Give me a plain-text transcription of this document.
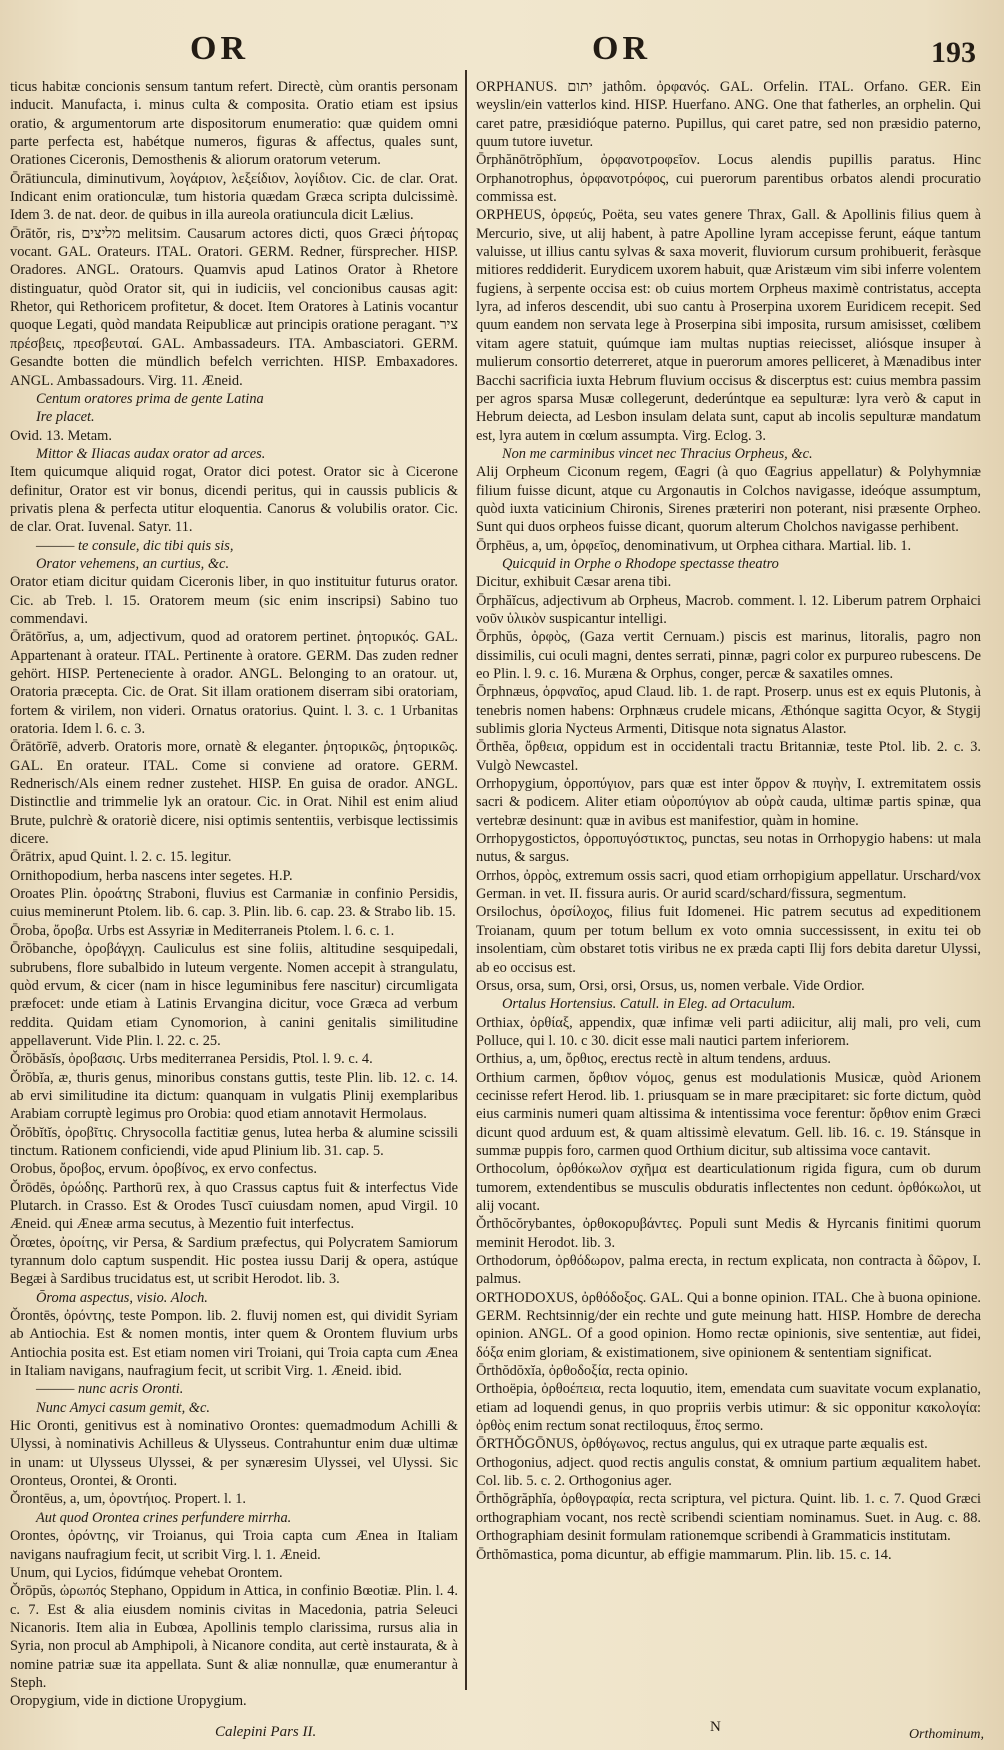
OR	OR	193

ticus habitæ concionis sensum tantum refert. Directè, cùm orantis personam inducit. Manufacta, i. minus culta & composita. Oratio etiam est ipsius oratio, & argumentorum arte dispositorum enumeratio: quæ quidem omni parte perfecta est, habétque numeros, figuras & affectus, quales sunt, Orationes Ciceronis, Demosthenis & aliorum oratorum veterum.

Ōrātiuncula, diminutivum, λογάριον, λεξείδιον, λογίδιον. Cic. de clar. Orat. Indicant enim orationculæ, tum historia quædam Græca scripta dulcissimè. Idem 3. de nat. deor. de quibus in illa aureola oratiuncula dicit Lælius.

Ōrātŏr, ris, מליצים melitsim. Causarum actores dicti, quos Græci ῥήτορας vocant. GAL. Orateurs. ITAL. Oratori. GERM. Redner, fürsprecher. HISP. Oradores. ANGL. Oratours. Quamvis apud Latinos Orator à Rhetore distinguatur, quòd Orator sit, qui in iudiciis, vel concionibus causas agit: Rhetor, qui Rethoricem profitetur, & docet. Item Oratores à Latinis vocantur quoque Legati, quòd mandata Reipublicæ aut principis oratione peragant. ציר πρέσβεις, πρεσβευταί. GAL. Ambassadeurs. ITA. Ambasciatori. GERM. Gesandte botten die mündlich befelch verrichten. HISP. Embaxadores. ANGL. Ambassadours. Virg. 11. Æneid.

Centum oratores prima de gente Latina

Ire placet.

Ovid. 13. Metam.

Mittor & Iliacas audax orator ad arces.

Item quicumque aliquid rogat, Orator dici potest. Orator sic à Cicerone definitur, Orator est vir bonus, dicendi peritus, qui in caussis publicis & privatis plena & perfecta utitur eloquentia. Canorus & volubilis orator. Cic. de clar. Orat. Iuvenal. Satyr. 11.

——— te consule, dic tibi quis sis,

Orator vehemens, an curtius, &c.

Orator etiam dicitur quidam Ciceronis liber, in quo instituitur futurus orator. Cic. ab Treb. l. 15. Oratorem meum (sic enim inscripsi) Sabino tuo commendavi.

Ōrātōrĭus, a, um, adjectivum, quod ad oratorem pertinet. ῥητορικός. GAL. Appartenant à orateur. ITAL. Pertinente à oratore. GERM. Das zuden redner gehört. HISP. Perteneciente à orador. ANGL. Belonging to an oratour. ut, Oratoria præcepta. Cic. de Orat. Sit illam orationem diserram sibi oratoriam, fortem & virilem, non videri. Ornatus oratorius. Quint. l. 3. c. 1 Urbanitas oratoria. Idem l. 6. c. 3.

Ōrātōrĭē, adverb. Oratoris more, ornatè & eleganter. ῥητορικῶς, ῥητορικῶς. GAL. En orateur. ITAL. Come si conviene ad oratore. GERM. Rednerisch/Als einem redner zustehet. HISP. En guisa de orador. ANGL. Distinctlie and trimmelie lyk an oratour. Cic. in Orat. Nihil est enim aliud Brute, pulchrè & oratoriè dicere, nisi optimis sententiis, verbisque lectissimis dicere.

Ōrātrix, apud Quint. l. 2. c. 15. legitur.

Ornithopodium, herba nascens inter segetes. H.P.

Oroates Plin. ὀροάτης Straboni, fluvius est Carmaniæ in confinio Persidis, cuius meminerunt Ptolem. lib. 6. cap. 3. Plin. lib. 6. cap. 23. & Strabo lib. 15.

Ōroba, ὄροβα. Urbs est Assyriæ in Mediterraneis Ptolem. l. 6. c. 1.

Ōrŏbanche, ὀροβάγχη. Cauliculus est sine foliis, altitudine sesquipedali, subrubens, flore subalbido in luteum vergente. Nomen accepit à strangulatu, quòd ervum, & cicer (nam in hisce leguminibus fere nascitur) circumligata præfocet: unde etiam à Latinis Ervangina dicitur, voce Græca ad verbum reddita. Quidam etiam Cynomorion, à canini genitalis similitudine appellaverunt. Vide Plin. l. 22. c. 25.

Ŏrŏbăsĭs, ὀροβασις. Urbs mediterranea Persidis, Ptol. l. 9. c. 4.

Ŏrŏbĭa, æ, thuris genus, minoribus constans guttis, teste Plin. lib. 12. c. 14. ab ervi similitudine ita dictum: quanquam in vulgatis Plinij exemplaribus Arabiam corruptè legimus pro Orobia: quod etiam annotavit Hermolaus.

Ŏrŏbĭtĭs, ὀροβῖτις. Chrysocolla factitiæ genus, lutea herba & alumine scissili tinctum. Rationem conficiendi, vide apud Plinium lib. 31. cap. 5.

Orobus, ὄροβος, ervum. ὀροβίνος, ex ervo confectus.

Ŏrōdēs, ὀρώδης. Parthorū rex, à quo Crassus captus fuit & interfectus Vide Plutarch. in Crasso. Est & Orodes Tuscī cuiusdam nomen, apud Virgil. 10 Æneid. qui Æneæ arma secutus, à Mezentio fuit interfectus.

Ŏrœtes, ὀροίτης, vir Persa, & Sardium præfectus, qui Polycratem Samiorum tyrannum dolo captum suspendit. Hic postea iussu Darij & opera, astúque Begæi à Sardibus trucidatus est, ut scribit Herodot. lib. 3.

Ōroma aspectus, visio. Aloch.

Ŏrontēs, ὀρόντης, teste Pompon. lib. 2. fluvij nomen est, qui dividit Syriam ab Antiochia. Est & nomen montis, inter quem & Orontem fluvium urbs Antiochia posita est. Est etiam nomen viri Troiani, qui Troia capta cum Ænea in Italiam navigans, naufragium fecit, ut scribit Virg. 1. Æneid. ibid.

——— nunc acris Oronti.

Nunc Amyci casum gemit, &c.

Hic Oronti, genitivus est à nominativo Orontes: quemadmodum Achilli & Ulyssi, à nominativis Achilleus & Ulysseus. Contrahuntur enim duæ ultimæ in unam: ut Ulysseus Ulyssei, & per synæresim Ulyssei, vel Ulyssi. Sic Oronteus, Orontei, & Oronti.

Ŏrontēus, a, um, ὀροντήιος. Propert. l. 1.

Aut quod Orontea crines perfundere mirrha.

Orontes, ὀρόντης, vir Troianus, qui Troia capta cum Ænea in Italiam navigans naufragium fecit, ut scribit Virg. l. 1. Æneid.

Unum, qui Lycios, fidúmque vehebat Orontem.

Ŏrōpŭs, ὠρωπός Stephano, Oppidum in Attica, in confinio Bœotiæ. Plin. l. 4. c. 7. Est & alia eiusdem nominis civitas in Macedonia, patria Seleuci Nicanoris. Item alia in Eubœa, Apollinis templo clarissima, rursus alia in Syria, non procul ab Amphipoli, à Nicanore condita, aut certè instaurata, & à nomine patriæ suæ ita appellata. Sunt & aliæ nonnullæ, quæ enumerantur à Steph.

Oropygium, vide in dictione Uropygium.

ORPHANUS. יתום jathôm. ὀρφανός. GAL. Orfelin. ITAL. Orfano. GER. Ein weyslin/ein vatterlos kind. HISP. Huerfano. ANG. One that fatherles, an orphelin. Qui caret patre, præsidióque paterno. Pupillus, qui caret patre, sed non præsidio paterno, quum tutore iuvetur.

Ōrphănōtrŏphĭum, ὀρφανοτροφεῖον. Locus alendis pupillis paratus. Hinc Orphanotrophus, ὀρφανοτρόφος, cui puerorum parentibus orbatos alendi procuratio commissa est.

ORPHEUS, ὀρφεύς, Poëta, seu vates genere Thrax, Gall. & Apollinis filius quem à Mercurio, sive, ut alij habent, à patre Apolline lyram accepisse ferunt, eáque tantum valuisse, ut illius cantu sylvas & saxa moverit, fluviorum cursum prohibuerit, feràsque mitiores reddiderit. Eurydicem uxorem habuit, quæ Aristæum vim sibi inferre volentem fugiens, à serpente occisa est: ob cuius mortem Orpheus maximè contristatus, accepta lyra, ad inferos descendit, ubi suo cantu à Proserpina uxorem Euridicem recepit. Sed quum eandem non servata lege à Proserpina sibi imposita, rursum amisisset, cœlibem vitam agere statuit, quúmque iam multas nuptias reiecisset, aliósque insuper à mulierum consortio deterreret, atque in puerorum amores pelliceret, à Mænadibus inter Bacchi sacrificia iuxta Hebrum fluvium occisus & discerptus est: cuius membra passim per agros sparsa Musæ collegerunt, dederúntque ea sepulturæ: lyra verò & caput in Hebrum deiecta, ad Lesbon insulam delata sunt, caput ab incolis sepulturæ mandatum est, lyra autem in cœlum assumpta. Virg. Eclog. 3.

Non me carminibus vincet nec Thracius Orpheus, &c.

Alij Orpheum Ciconum regem, Œagri (à quo Œagrius appellatur) & Polyhymniæ filium fuisse dicunt, atque cu Argonautis in Colchos navigasse, ideóque assumptum, quòd iuxta vaticinium Chironis, Sirenes præteriri non poterant, nisi præsente Orpheo. Sunt qui duos orpheos fuisse dicant, quorum alterum Cholchos navigasse perhibent.

Ōrphēus, a, um, ὀρφεῖος, denominativum, ut Orphea cithara. Martial. lib. 1.

Quicquid in Orphe o Rhodope spectasse theatro

Dicitur, exhibuit Cæsar arena tibi.

Ōrphăĭcus, adjectivum ab Orpheus, Macrob. comment. l. 12. Liberum patrem Orphaici νοῦν ὑλικὸν suspicantur intelligi.

Ōrphŭs, ὀρφὸς, (Gaza vertit Cernuam.) piscis est marinus, litoralis, pagro non dissimilis, cui oculi magni, dentes serrati, pinnæ, pagri color ex purpureo rubescens. De eo Plin. l. 9. c. 16. Muræna & Orphus, conger, percæ & saxatiles omnes.

Ōrphnæus, ὀρφναῖος, apud Claud. lib. 1. de rapt. Proserp. unus est ex equis Plutonis, à tenebris nomen habens: Orphnæus crudele micans, Æthónque sagitta Ocyor, & Stygij sublimis gloria Nycteus Armenti, Ditisque nota signatus Alastor.

Ōrthĕa, ὄρθεια, oppidum est in occidentali tractu Britanniæ, teste Ptol. lib. 2. c. 3. Vulgò Newcastel.

Orrhopygium, ὀρροπύγιον, pars quæ est inter ὄρρον & πυγὴν, I. extremitatem ossis sacri & podicem. Aliter etiam οὐροπύγιον ab οὐρὰ cauda, ultimæ partis spinæ, qua vertebræ desinunt: quæ in avibus est manifestior, quàm in homine.

Orrhopygostictos, ὀρροπυγόστικτος, punctas, seu notas in Orrhopygio habens: ut mala nutus, & sargus.

Orrhos, ὀρρὸς, extremum ossis sacri, quod etiam orrhopigium appellatur. Urschard/vox German. in vet. II. fissura auris. Or aurid scard/schard/fissura, segmentum.

Orsilochus, ὀρσίλοχος, filius fuit Idomenei. Hic patrem secutus ad expeditionem Troianam, quum per totum bellum ex voto omnia successissent, in exitu tei ob insolentiam, cùm obstaret totis viribus ne ex præda capti Ilij fors debita daretur Ulyssi, ab eo occisus est.

Orsus, orsa, sum, Orsi, orsi, Orsus, us, nomen verbale. Vide Ordior.

Ortalus Hortensius. Catull. in Eleg. ad Ortaculum.

Orthiax, ὀρθίαξ, appendix, quæ infimæ veli parti adiicitur, alij mali, pro veli, cum Polluce, qui l. 10. c 30. dicit esse mali nautici partem inferiorem.

Orthius, a, um, ὄρθιος, erectus rectè in altum tendens, arduus.

Orthium carmen, ὄρθιον νόμος, genus est modulationis Musicæ, quòd Arionem cecinisse refert Herod. lib. 1. priusquam se in mare præcipitaret: sic forte dictum, quòd eius carminis numeri quam altissima & intentissima voce ferentur: ὄρθιον enim Græci dicunt quod arduum est, & quam altissimè elevatum. Gell. lib. 16. c. 19. Stánsque in summæ puppis foro, carmen quod Orthium dicitur, sub altissima voce cantavit.

Orthocolum, ὀρθόκωλον σχῆμα est dearticulationum rigida figura, cum ob durum tumorem, extendentibus se musculis obduratis inflectentes non cedunt. ὀρθόκωλοι, ut alij vocant.

Ŏrthŏcŏrybantes, ὀρθοκορυβάντες. Populi sunt Medis & Hyrcanis finitimi quorum meminit Herodot. lib. 3.

Orthodorum, ὀρθόδωρον, palma erecta, in rectum explicata, non contracta à δῶρον, I. palmus.

ORTHODOXUS, ὀρθόδοξος. GAL. Qui a bonne opinion. ITAL. Che à buona opinione. GERM. Rechtsinnig/der ein rechte und gute meinung hatt. HISP. Hombre de derecha opinion. ANGL. Of a good opinion. Homo rectæ opinionis, sive sententiæ, aut fidei, δόξα enim gloriam, & existimationem, sive opinionem & sententiam significat.

Ōrthŏdŏxĭa, ὀρθοδοξία, recta opinio.

Orthoëpia, ὀρθοέπεια, recta loquutio, item, emendata cum suavitate vocum explanatio, etiam ad loquendi genus, in quo propriis verbis utimur: & sic opponitur κακολογία: ὀρθὸς enim rectum sonat rectiloquus, ἔπος sermo.

ŌRTHŎGŌNUS, ὀρθόγωνος, rectus angulus, qui ex utraque parte æqualis est.

Orthogonius, adject. quod rectis angulis constat, & omnium partium æqualitem habet. Col. lib. 5. c. 2. Orthogonius ager.

Ōrthŏgrăphĭa, ὀρθογραφία, recta scriptura, vel pictura. Quint. lib. 1. c. 7. Quod Græci orthographiam vocant, nos rectè scribendi scientiam nominamus. Suet. in Aug. c. 88. Orthographiam desinit formulam rationemque scribendi à Grammaticis institutam.

Ōrthŏmastica, poma dicuntur, ab effigie mammarum. Plin. lib. 15. c. 14.

Calepini Pars II.	N	Orthominum,
